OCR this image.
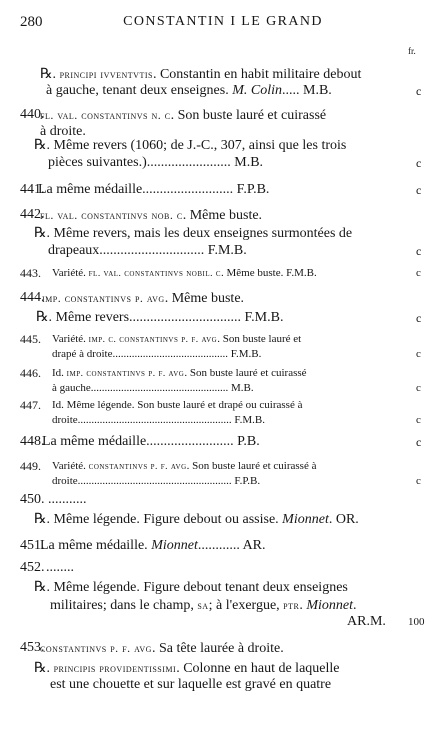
280	CONSTANTIN I LE GRAND
fr.
℞. principi ivventvtis. Constantin en habit militaire debout
à gauche, tenant deux enseignes. M. Colin..... M.B.	c
440.
fl. val. constantinvs n. c. Son buste lauré et cuirassé
à droite.
℞. Même revers (1060; de J.-C., 307, ainsi que les trois
pièces suivantes.)........................ M.B.	c
441.
La même médaille.......................... F.P.B.	c
442.
fl. val. constantinvs nob. c. Même buste.
℞. Même revers, mais les deux enseignes surmontées de
drapeaux.............................. F.M.B.	c
443. Variété. fl. val. constantinvs nobil. c. Même buste. F.M.B.	c
444.
imp. constantinvs p. avg. Même buste.
℞. Même revers................................ F.M.B.	c
445. Variété. imp. c. constantinvs p. f. avg. Son buste lauré et
drapé à droite.......................................... F.M.B.	c
446. Id. imp. constantinvs p. f. avg. Son buste lauré et cuirassé
à gauche.................................................. M.B.	c
447. Id. Même légende. Son buste lauré et drapé ou cuirassé à
droite........................................................ F.M.B.	c
448.
La même médaille......................... P.B.	c
449. Variété. constantinvs p. f. avg. Son buste lauré et cuirassé à
droite........................................................ F.P.B.	c
450. ...........
℞. Même légende. Figure debout ou assise. Mionnet. OR.
451.
La même médaille. Mionnet............ AR.
452. ........
℞. Même légende. Figure debout tenant deux enseignes
militaires; dans le champ, sa; à l'exergue, ptr. Mionnet.
AR.M. 100
453.
constantinvs p. f. avg. Sa tête laurée à droite.
℞. principis providentissimi. Colonne en haut de laquelle
est une chouette et sur laquelle est gravé en quatre
